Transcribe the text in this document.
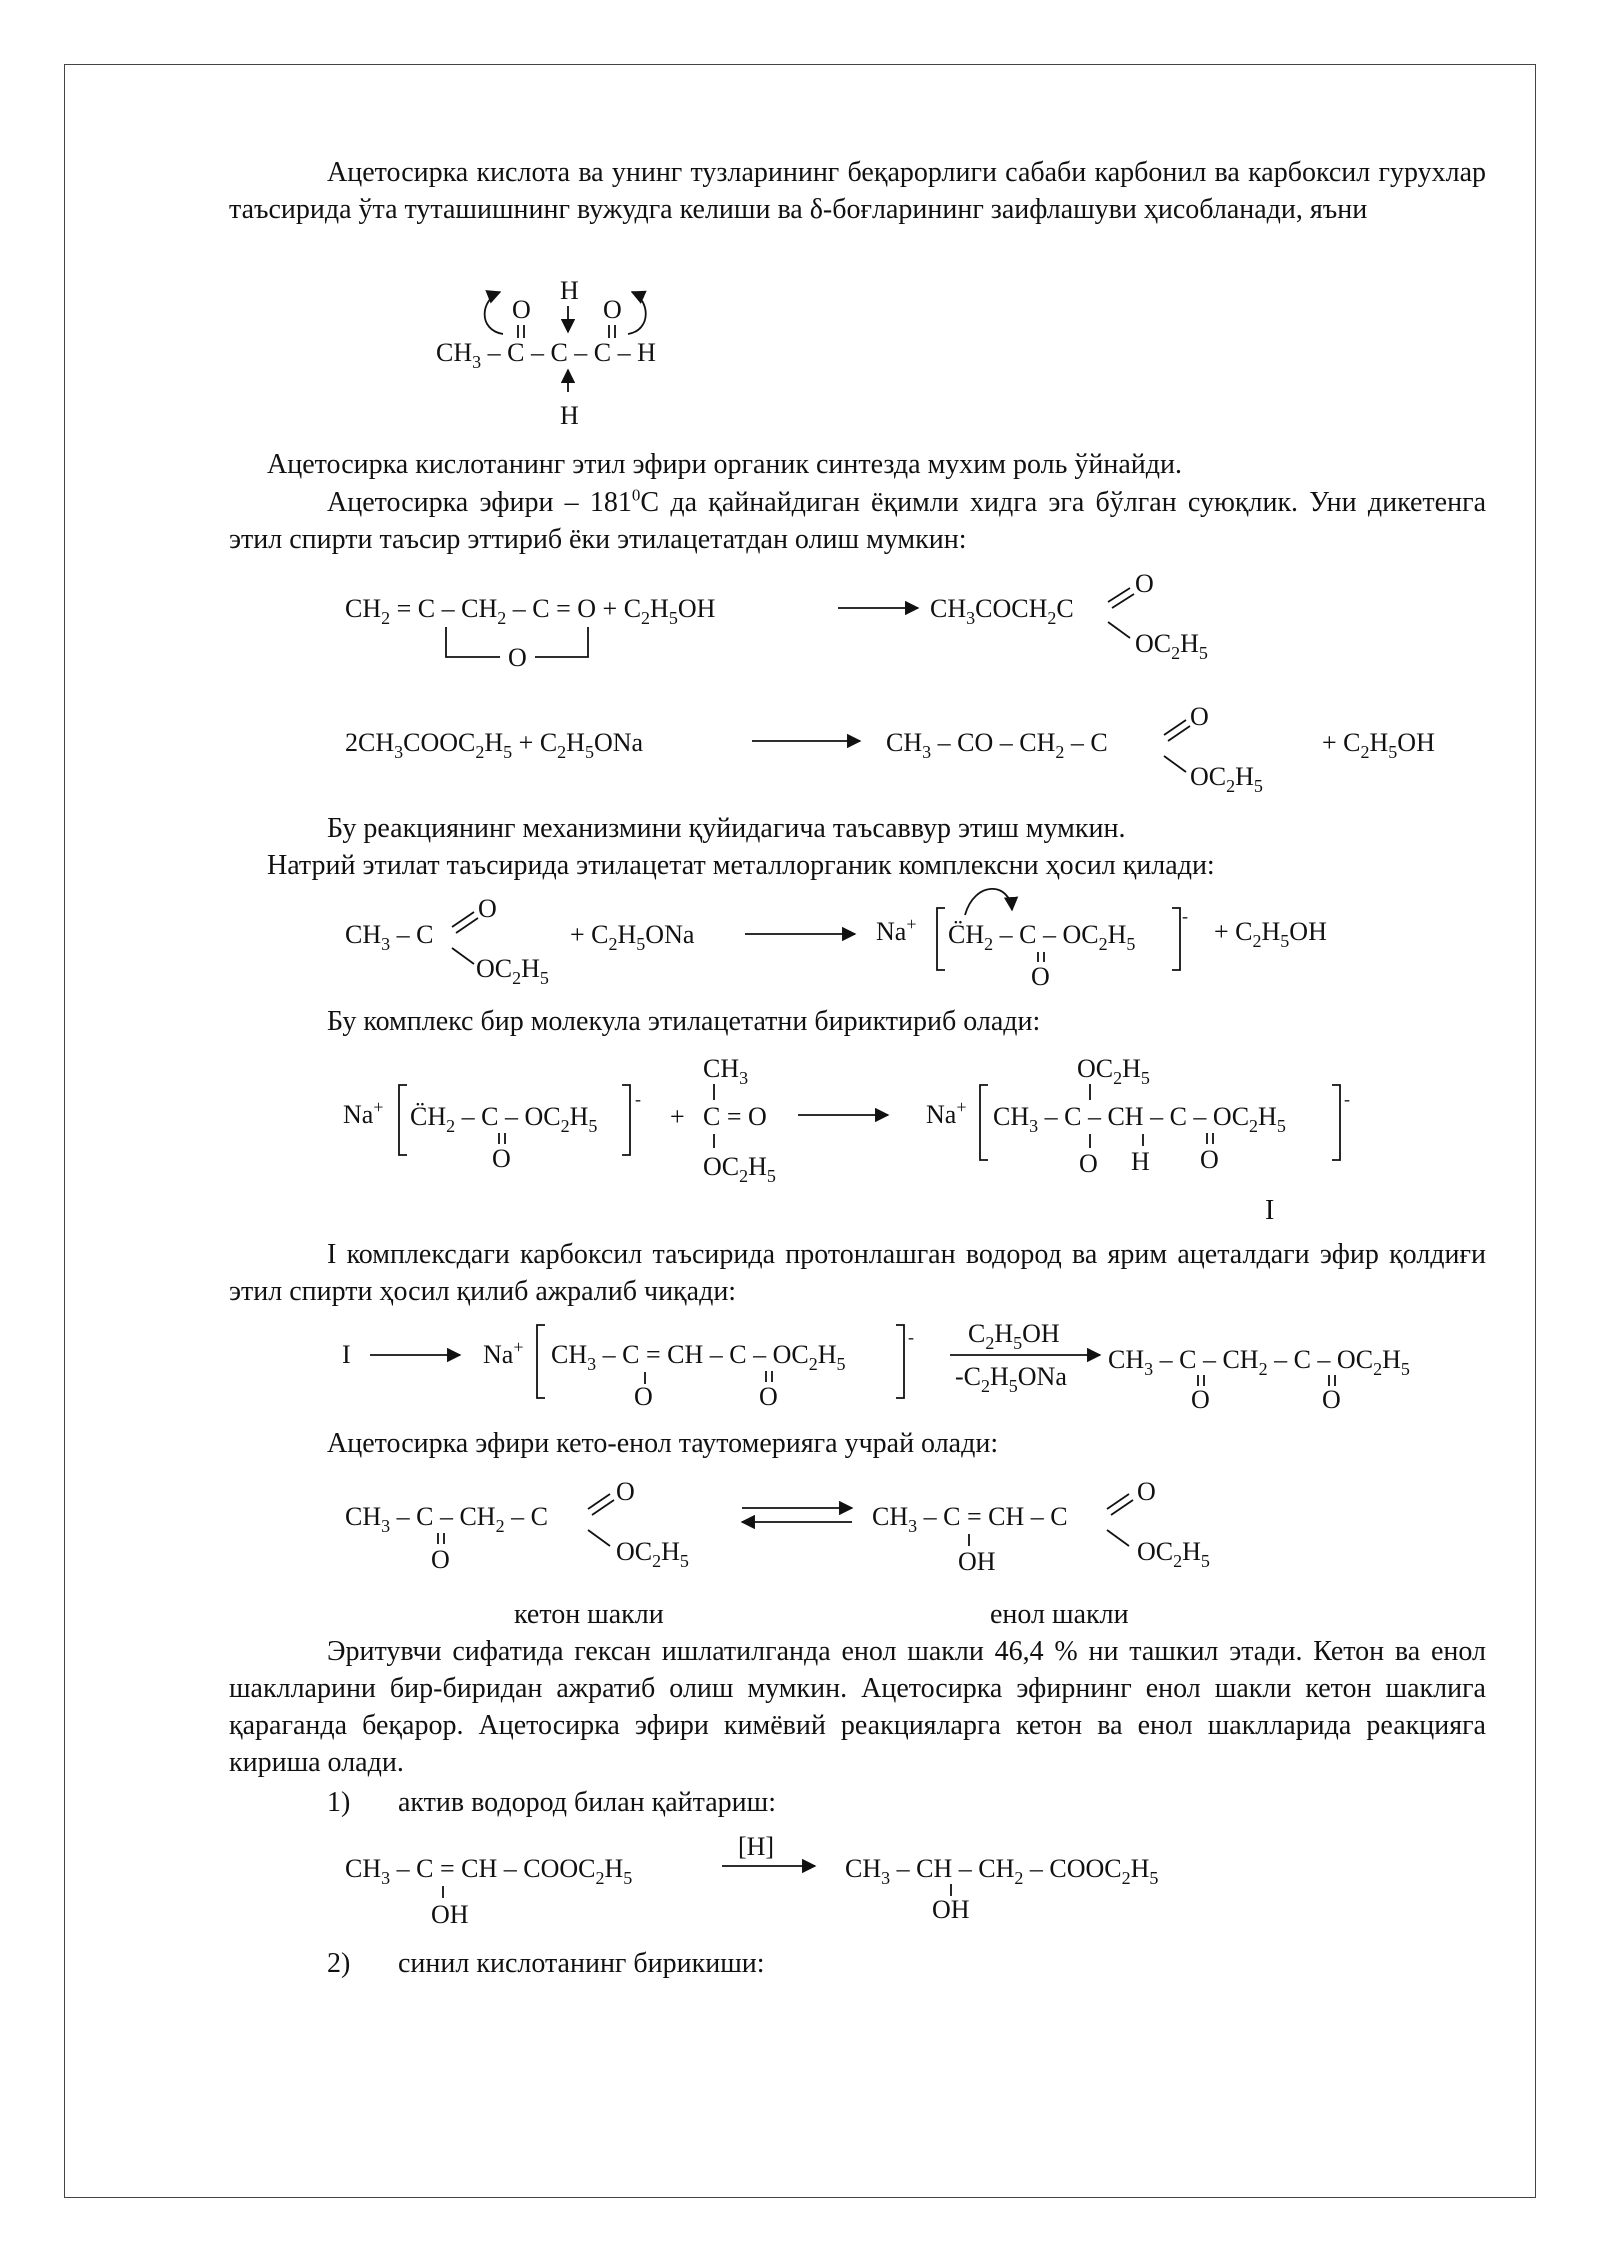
Ацетосирка кислота ва унинг тузларининг беқарорлиги сабаби карбонил ва карбоксил гурухлар таъсирида ўта туташишнинг вужудга келиши ва δ-боғларининг заифлашуви ҳисобланади, яъни

Ацетосирка кислотанинг этил эфири органик синтезда мухим роль ўйнайди.

Ацетосирка эфири – $181^0С$ да қайнайдиган ёқимли хидга эга бўлган суюқлик. Уни дикетенга этил спирти таъсир эттириб ёки этилацетатдан олиш мумкин:

Бу реакциянинг механизмини қуйидагича таъсаввур этиш мумкин.

Натрий этилат таъсирида этилацетат металлорганик комплексни ҳосил қилади:

Бу комплекс бир молекула этилацетатни бириктириб олади:

I

I комплексдаги карбоксил таъсирида протонлашган водород ва ярим ацеталдаги эфир қолдиғи этил спирти ҳосил қилиб ажралиб чиқади:

Ацетосирка эфири кето-енол таутомерияга учрай олади:

кетон шакли	енол шакли

Эритувчи сифатида гексан ишлатилганда енол шакли 46,4 % ни ташкил этади. Кетон ва енол шаклларини бир-биридан ажратиб олиш мумкин. Ацетосирка эфирнинг енол шакли кетон шаклига қараганда беқарор. Ацетосирка эфири кимёвий реакцияларга кетон ва енол шаклларида реакцияга кириша олади.

1) актив водород билан қайтариш:
2) синил кислотанинг бирикиши:
$CH_3$ – C – C – C – H
O
H
O
H
$CH_2 = C - CH_2 - C = O + C_2H_5OH$
O
$CH_3COCH_2C$
O
$OC_2H_5$
$2CH_3COOC_2H_5 + C_2H_5ONa$	$CH_3$ – CO – $CH_2$ – C
O
$OC_2H_5$
+ $C_2H_5OH$
$CH_3$ – C
O
$OC_2H_5$
+ $C_2H_5ONa$	Na+ $C̈H_2$ – C – $OC_2H_5$
O
-
+ $C_2H_5OH$
Na+ $C̈H_2$ – C – $OC_2H_5$
O
-
+
$CH_3$
C = O
$OC_2H_5$
Na+
$OC_2H_5$
$CH_3$ – C – CH – C – $OC_2H_5$
O H O
-
I	Na+ $CH_3$ – C = CH – C – $OC_2H_5$
O	O
- $C_2H_5OH$
$-C_2H_5ONa$
$CH_3$ – C – $CH_2$ – C – $OC_2H_5$
O	O
$CH_3$ – C – $CH_2$ – C
O
O
$OC_2H_5$
$CH_3$ – C = CH – C
OH
O
$OC_2H_5$
$CH_3$ – C = CH – $COOC_2H_5$
OH
[H]
$CH_3$ – CH – $CH_2$ – $COOC_2H_5$
OH
